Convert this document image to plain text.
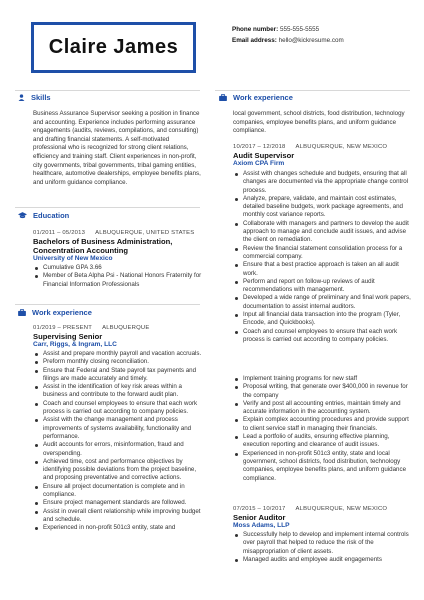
Claire James
Phone number: 555-555-5555
Email address: hello@kickresume.com
Skills
Business Assurance Supervisor seeking a position in finance and accounting. Experience includes performing assurance engagements (audits, reviews, compilations, and consulting) and drafting financial statements. A self-motivated professional who is recognized for strong client relations, efficiency and training staff. Client experiences in non-profit, city governments, tribal governments, tribal gaming entities, healthcare, automotive dealerships, employee benefits plans, and uniform guidance compliance.
Education
01/2011 – 05/2013 ALBUQUERQUE, UNITED STATES
Bachelors of Business Administration, Concentration Accounting
University of New Mexico
Cumulative GPA 3.66
Member of Beta Alpha Psi - National Honors Fraternity for Financial Information Professionals
Work experience
01/2019 – PRESENT ALBUQUERQUE
Supervising Senior
Carr, Riggs, & Ingram, LLC
Assist and prepare monthly payroll and vacation accruals.
Preform monthly closing reconciliation.
Ensure that Federal and State payroll tax payments and filings are made accurately and timely.
Assist in the identification of key risk areas within a business and contribute to the forward audit plan.
Coach and counsel employees to ensure that each work process is carried out according to company policies.
Assist with the change management and process improvements of systems availability, functionality and performance.
Audit accounts for errors, misinformation, fraud and overspending.
Achieved time, cost and performance objectives by identifying possible deviations from the project baseline, and proposing preventative and corrective actions.
Ensure all project documentation is complete and in compliance.
Ensure project management standards are followed.
Assist in overall client relationship while improving budget and schedule.
Experienced in non-profit 501c3 entity, state and
Work experience
local government, school districts, food distribution, technology companies, employee benefits plans, and uniform guidance compliance.
10/2017 – 12/2018 ALBUQUERQUE, NEW MEXICO
Audit Supervisor
Axiom CPA Firm
Assist with changes schedule and budgets, ensuring that all changes are documented via the appropriate change control process.
Analyze, prepare, validate, and maintain cost estimates, detailed baseline budgets, work package agreements, and monthly cost variance reports.
Collaborate with managers and partners to develop the audit approach to manage and conclude audit issues, and advise the client on remediation.
Review the financial statement consolidation process for a commercial company.
Ensure that a best practice approach is taken an all audit work.
Perform and report on follow-up reviews of audit recommendations with management.
Developed a wide range of preliminary and final work papers, documentation to assist internal auditors.
Input all financial data transaction into the program (Tyler, Encode, and Quickbooks).
Coach and counsel employees to ensure that each work process is carried out according to company policies.
Implement training programs for new staff
Proposal writing, that generate over $400,000 in revenue for the company
Verify and post all accounting entries, maintain timely and accurate information in the accounting system.
Explain complex accounting procedures and provide support to client service staff in managing their financials.
Lead a portfolio of audits, ensuring effective planning, execution reporting and clearance of audit issues.
Experienced in non-profit 501c3 entity, state and local government, school districts, food distribution, technology companies, employee benefits plans, and uniform guidance compliance.
07/2015 – 10/2017 ALBUQUERQUE, NEW MEXICO
Senior Auditor
Moss Adams, LLP
Successfully help to develop and implement internal controls over payroll that helped to reduce the risk of the misappropriation of client assets.
Managed audits and employee audit engagements
